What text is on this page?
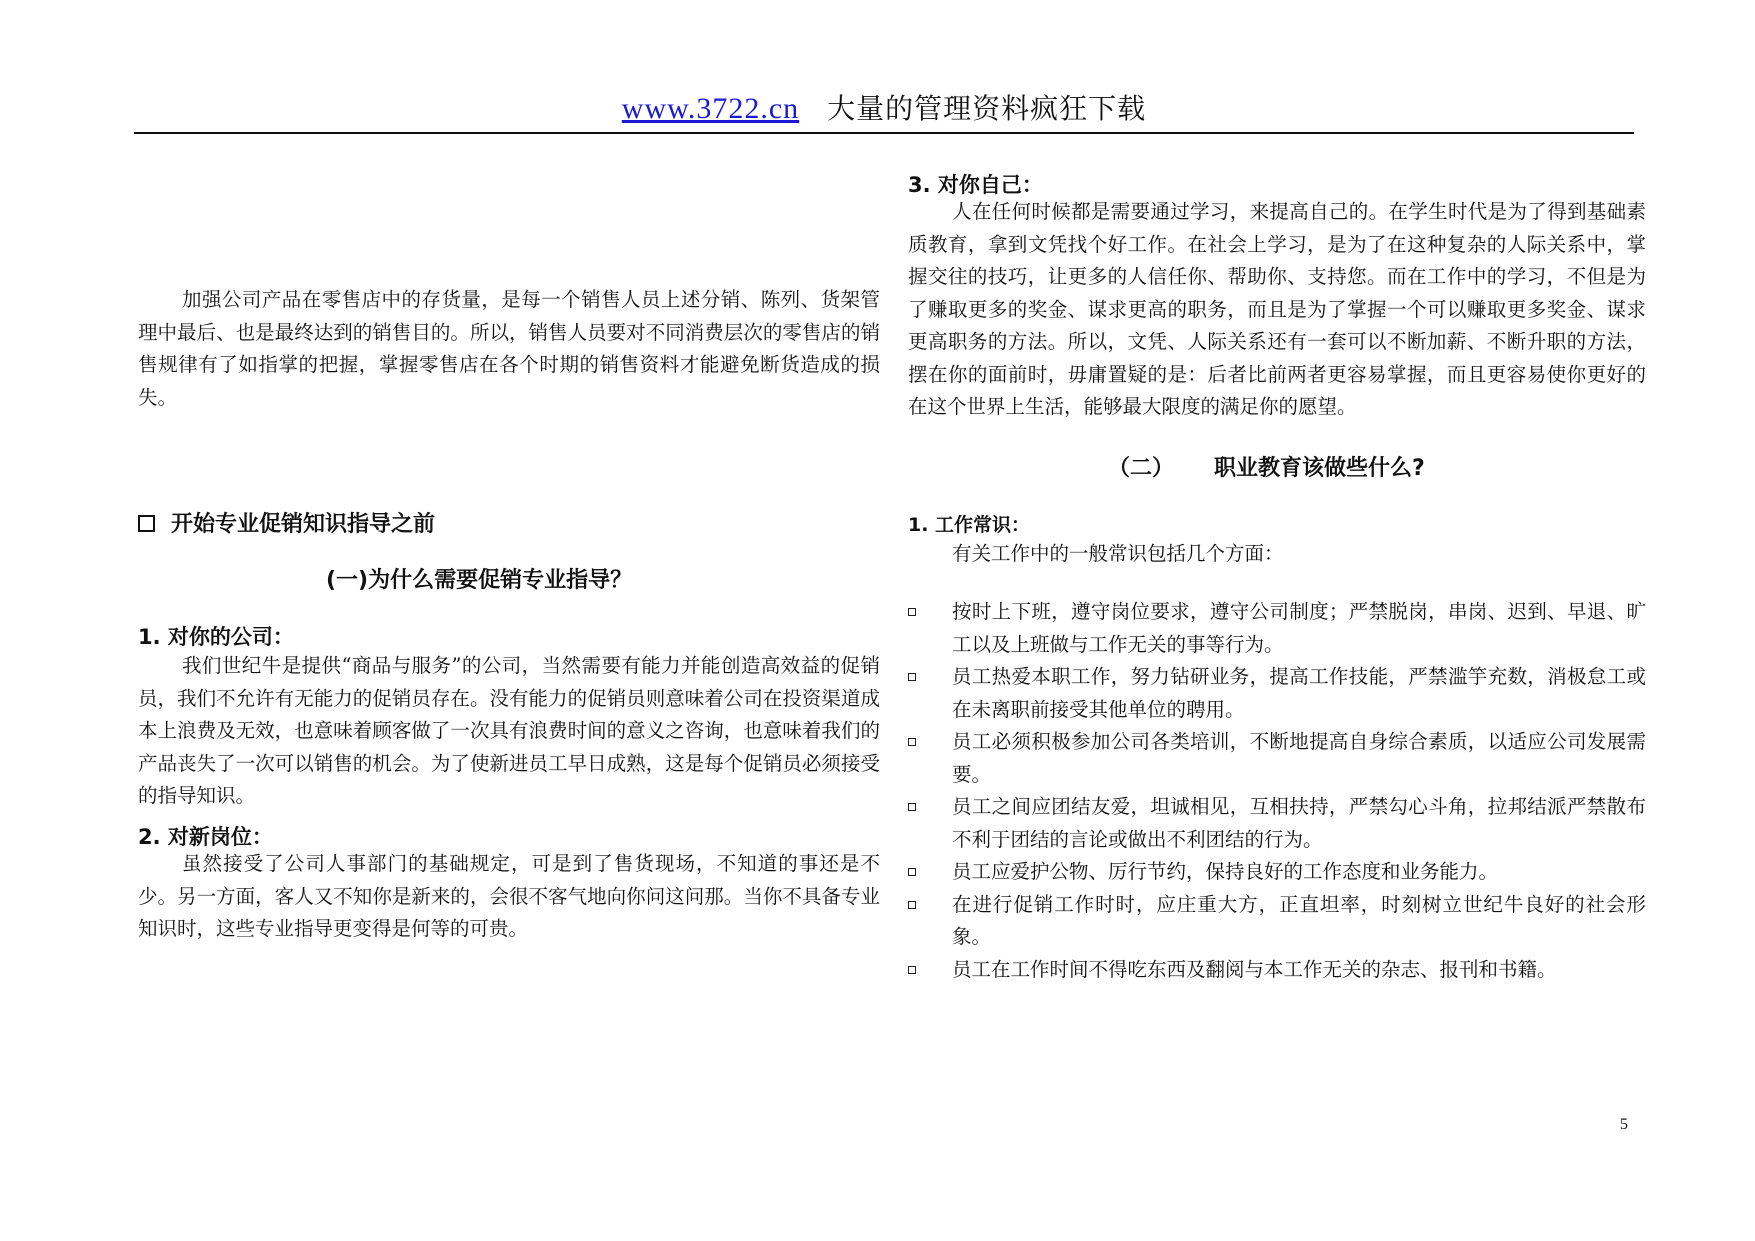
www.3722.cn 大量的管理资料疯狂下载

加强公司产品在零售店中的存货量，是每一个销售人员上述分销、陈列、货架管理中最后、也是最终达到的销售目的。所以，销售人员要对不同消费层次的零售店的销售规律有了如指掌的把握，掌握零售店在各个时期的销售资料才能避免断货造成的损失。

开始专业促销知识指导之前
(一)为什么需要促销专业指导？
1. 对你的公司：

我们世纪牛是提供“商品与服务”的公司，当然需要有能力并能创造高效益的促销员，我们不允许有无能力的促销员存在。没有能力的促销员则意味着公司在投资渠道成本上浪费及无效，也意味着顾客做了一次具有浪费时间的意义之咨询，也意味着我们的产品丧失了一次可以销售的机会。为了使新进员工早日成熟，这是每个促销员必须接受的指导知识。

2. 对新岗位：

虽然接受了公司人事部门的基础规定，可是到了售货现场，不知道的事还是不少。另一方面，客人又不知你是新来的，会很不客气地向你问这问那。当你不具备专业知识时，这些专业指导更变得是何等的可贵。

3. 对你自己：

人在任何时候都是需要通过学习，来提高自己的。在学生时代是为了得到基础素质教育，拿到文凭找个好工作。在社会上学习，是为了在这种复杂的人际关系中，掌握交往的技巧，让更多的人信任你、帮助你、支持您。而在工作中的学习，不但是为了赚取更多的奖金、谋求更高的职务，而且是为了掌握一个可以赚取更多奖金、谋求更高职务的方法。所以，文凭、人际关系还有一套可以不断加薪、不断升职的方法，摆在你的面前时，毋庸置疑的是：后者比前两者更容易掌握，而且更容易使你更好的在这个世界上生活，能够最大限度的满足你的愿望。

（二） 职业教育该做些什么?
1. 工作常识：

有关工作中的一般常识包括几个方面：

按时上下班，遵守岗位要求，遵守公司制度；严禁脱岗，串岗、迟到、早退、旷工以及上班做与工作无关的事等行为。
员工热爱本职工作，努力钻研业务，提高工作技能，严禁滥竽充数，消极怠工或在未离职前接受其他单位的聘用。
员工必须积极参加公司各类培训，不断地提高自身综合素质，以适应公司发展需要。
员工之间应团结友爱，坦诚相见，互相扶持，严禁勾心斗角，拉邦结派严禁散布不利于团结的言论或做出不利团结的行为。
员工应爱护公物、厉行节约，保持良好的工作态度和业务能力。
在进行促销工作时时，应庄重大方，正直坦率，时刻树立世纪牛良好的社会形象。
员工在工作时间不得吃东西及翻阅与本工作无关的杂志、报刊和书籍。
5
